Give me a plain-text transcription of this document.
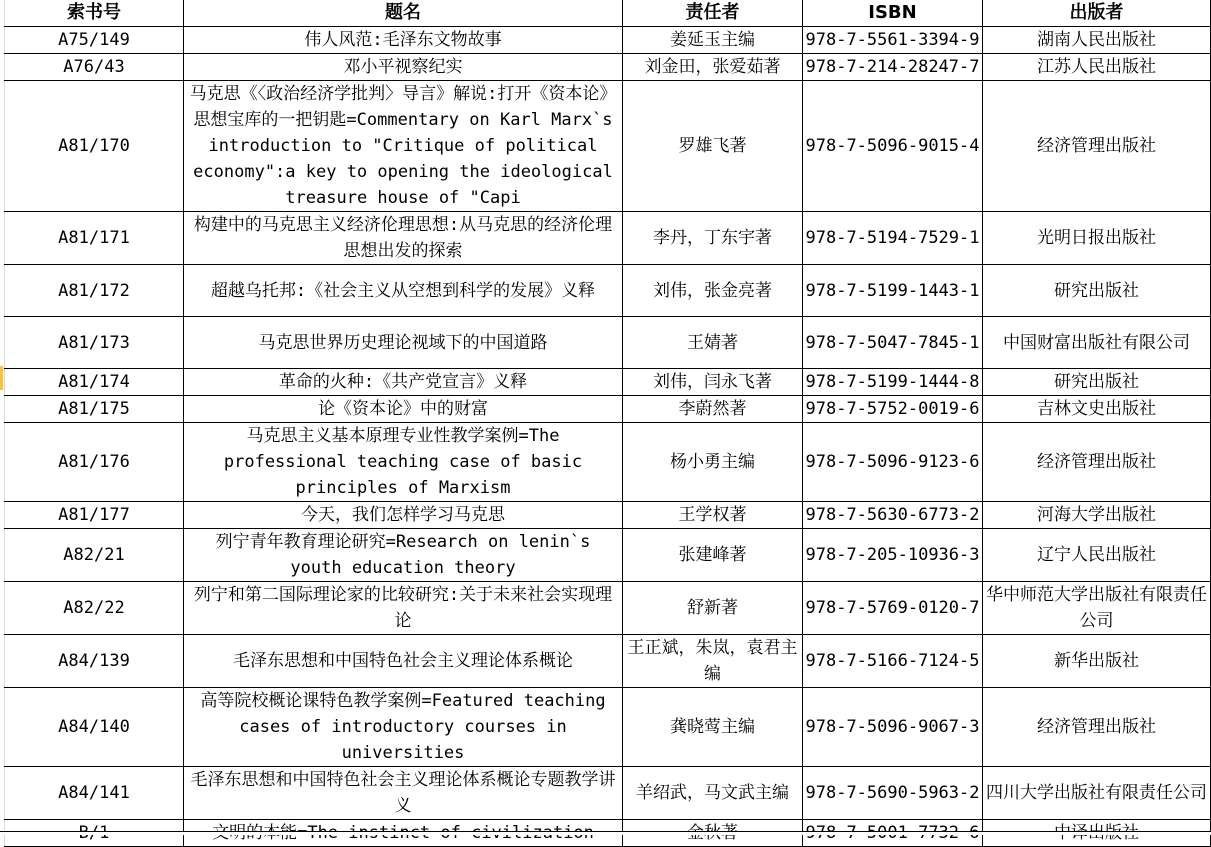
索书号	题名	责任者	ISBN	出版者
A75/149	伟人风范:毛泽东文物故事	姜延玉主编	978-7-5561-3394-9	湖南人民出版社
A76/43	邓小平视察纪实	刘金田，张爱茹著	978-7-214-28247-7	江苏人民出版社
A81/170	马克思《〈政治经济学批判〉导言》解说:打开《资本论》思想宝库的一把钥匙=Commentary on Karl Marx`s introduction to "Critique of political economy":a key to opening the ideological treasure house of "Capi	罗雄飞著	978-7-5096-9015-4	经济管理出版社
A81/171	构建中的马克思主义经济伦理思想:从马克思的经济伦理思想出发的探索	李丹，丁东宇著	978-7-5194-7529-1	光明日报出版社
A81/172	超越乌托邦:《社会主义从空想到科学的发展》义释	刘伟，张金亮著	978-7-5199-1443-1	研究出版社
A81/173	马克思世界历史理论视域下的中国道路	王婧著	978-7-5047-7845-1	中国财富出版社有限公司
A81/174	革命的火种:《共产党宣言》义释	刘伟，闫永飞著	978-7-5199-1444-8	研究出版社
A81/175	论《资本论》中的财富	李蔚然著	978-7-5752-0019-6	吉林文史出版社
A81/176	马克思主义基本原理专业性教学案例=The professional teaching case of basic principles of Marxism	杨小勇主编	978-7-5096-9123-6	经济管理出版社
A81/177	今天，我们怎样学习马克思	王学权著	978-7-5630-6773-2	河海大学出版社
A82/21	列宁青年教育理论研究=Research on lenin`s youth education theory	张建峰著	978-7-205-10936-3	辽宁人民出版社
A82/22	列宁和第二国际理论家的比较研究:关于未来社会实现理论	舒新著	978-7-5769-0120-7	华中师范大学出版社有限责任公司
A84/139	毛泽东思想和中国特色社会主义理论体系概论	王正斌，朱岚，袁君主编	978-7-5166-7124-5	新华出版社
A84/140	高等院校概论课特色教学案例=Featured teaching cases of introductory courses in universities	龚晓莺主编	978-7-5096-9067-3	经济管理出版社
A84/141	毛泽东思想和中国特色社会主义理论体系概论专题教学讲义	羊绍武，马文武主编	978-7-5690-5963-2	四川大学出版社有限责任公司
